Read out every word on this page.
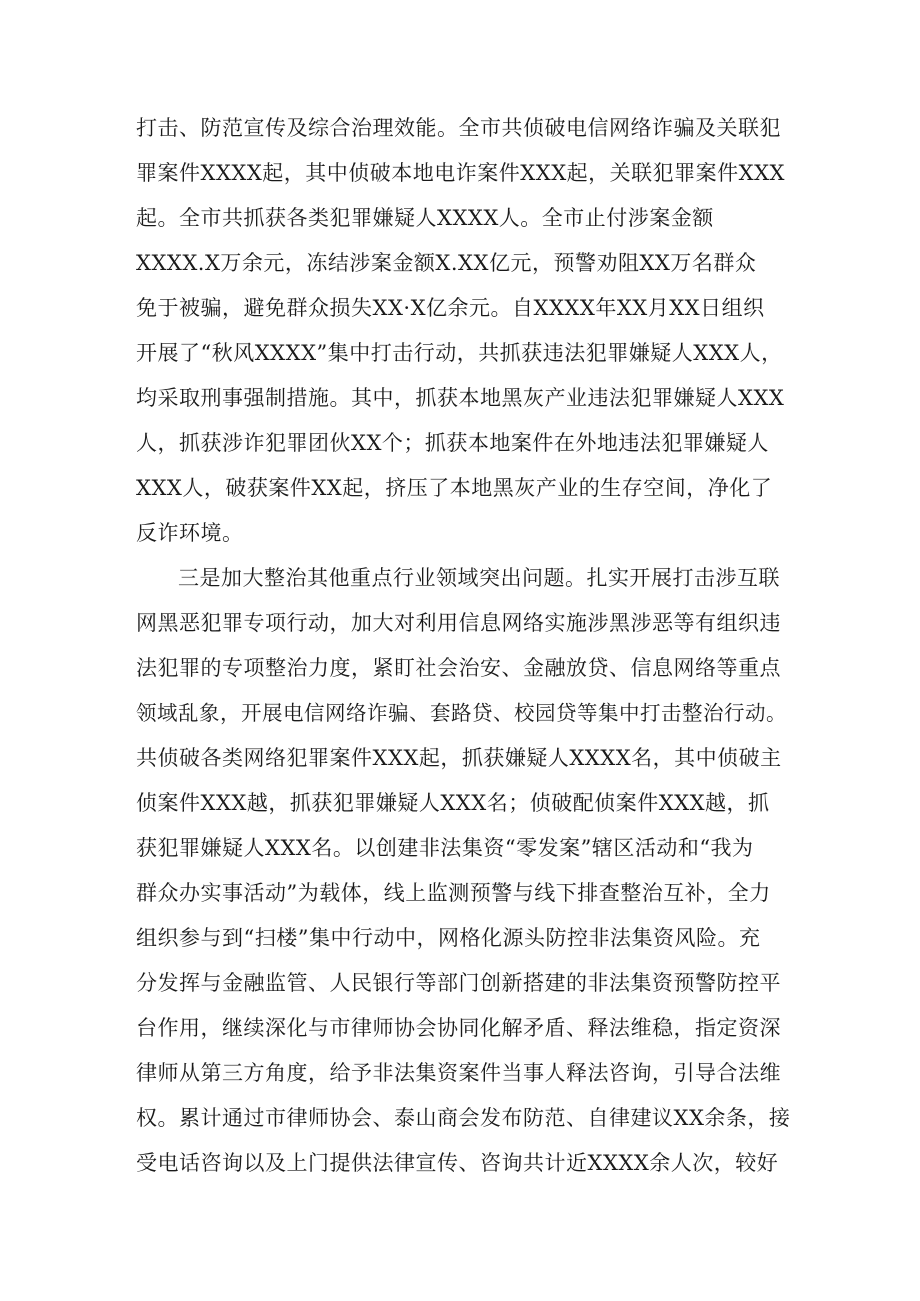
打击、防范宣传及综合治理效能。全市共侦破电信网络诈骗及关联犯
罪案件XXXX起，其中侦破本地电诈案件XXX起，关联犯罪案件XXX
起。全市共抓获各类犯罪嫌疑人XXXX人。全市止付涉案金额
XXXX.X万余元，冻结涉案金额X.XX亿元，预警劝阻XX万名群众
免于被骗，避免群众损失XX·X亿余元。自XXXX年XX月XX日组织
开展了“秋风XXXX”集中打击行动，共抓获违法犯罪嫌疑人XXX人，
均采取刑事强制措施。其中，抓获本地黑灰产业违法犯罪嫌疑人XXX
人，抓获涉诈犯罪团伙XX个；抓获本地案件在外地违法犯罪嫌疑人
XXX人，破获案件XX起，挤压了本地黑灰产业的生存空间，净化了
反诈环境。
三是加大整治其他重点行业领域突出问题。扎实开展打击涉互联
网黑恶犯罪专项行动，加大对利用信息网络实施涉黑涉恶等有组织违
法犯罪的专项整治力度，紧盯社会治安、金融放贷、信息网络等重点
领域乱象，开展电信网络诈骗、套路贷、校园贷等集中打击整治行动。
共侦破各类网络犯罪案件XXX起，抓获嫌疑人XXXX名，其中侦破主
侦案件XXX越，抓获犯罪嫌疑人XXX名；侦破配侦案件XXX越，抓
获犯罪嫌疑人XXX名。以创建非法集资“零发案”辖区活动和“我为
群众办实事活动”为载体，线上监测预警与线下排查整治互补，全力
组织参与到“扫楼”集中行动中，网格化源头防控非法集资风险。充
分发挥与金融监管、人民银行等部门创新搭建的非法集资预警防控平
台作用，继续深化与市律师协会协同化解矛盾、释法维稳，指定资深
律师从第三方角度，给予非法集资案件当事人释法咨询，引导合法维
权。累计通过市律师协会、泰山商会发布防范、自律建议XX余条，接
受电话咨询以及上门提供法律宣传、咨询共计近XXXX余人次，较好
